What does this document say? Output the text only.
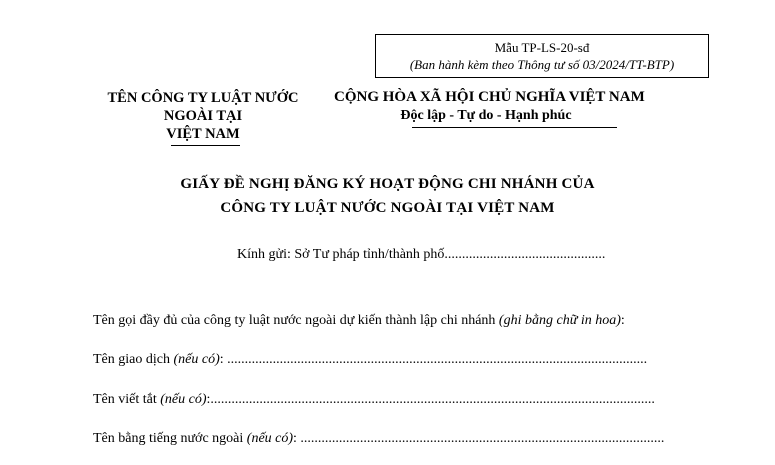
Mẫu TP-LS-20-sđ
(Ban hành kèm theo Thông tư số 03/2024/TT-BTP)
TÊN CÔNG TY LUẬT NƯỚC
NGOÀI TẠI
VIỆT NAM
CỘNG HÒA XÃ HỘI CHỦ NGHĨA VIỆT NAM
Độc lập - Tự do - Hạnh phúc
GIẤY ĐỀ NGHỊ ĐĂNG KÝ HOẠT ĐỘNG CHI NHÁNH CỦA
CÔNG TY LUẬT NƯỚC NGOÀI TẠI VIỆT NAM
Kính gửi: Sở Tư pháp tỉnh/thành phố..............................................
Tên gọi đầy đủ của công ty luật nước ngoài dự kiến thành lập chi nhánh (ghi bằng chữ in hoa):
Tên giao dịch (nếu có): ........................................................................................................................
Tên viết tắt (nếu có):...............................................................................................................................
Tên bằng tiếng nước ngoài (nếu có): ........................................................................................................
